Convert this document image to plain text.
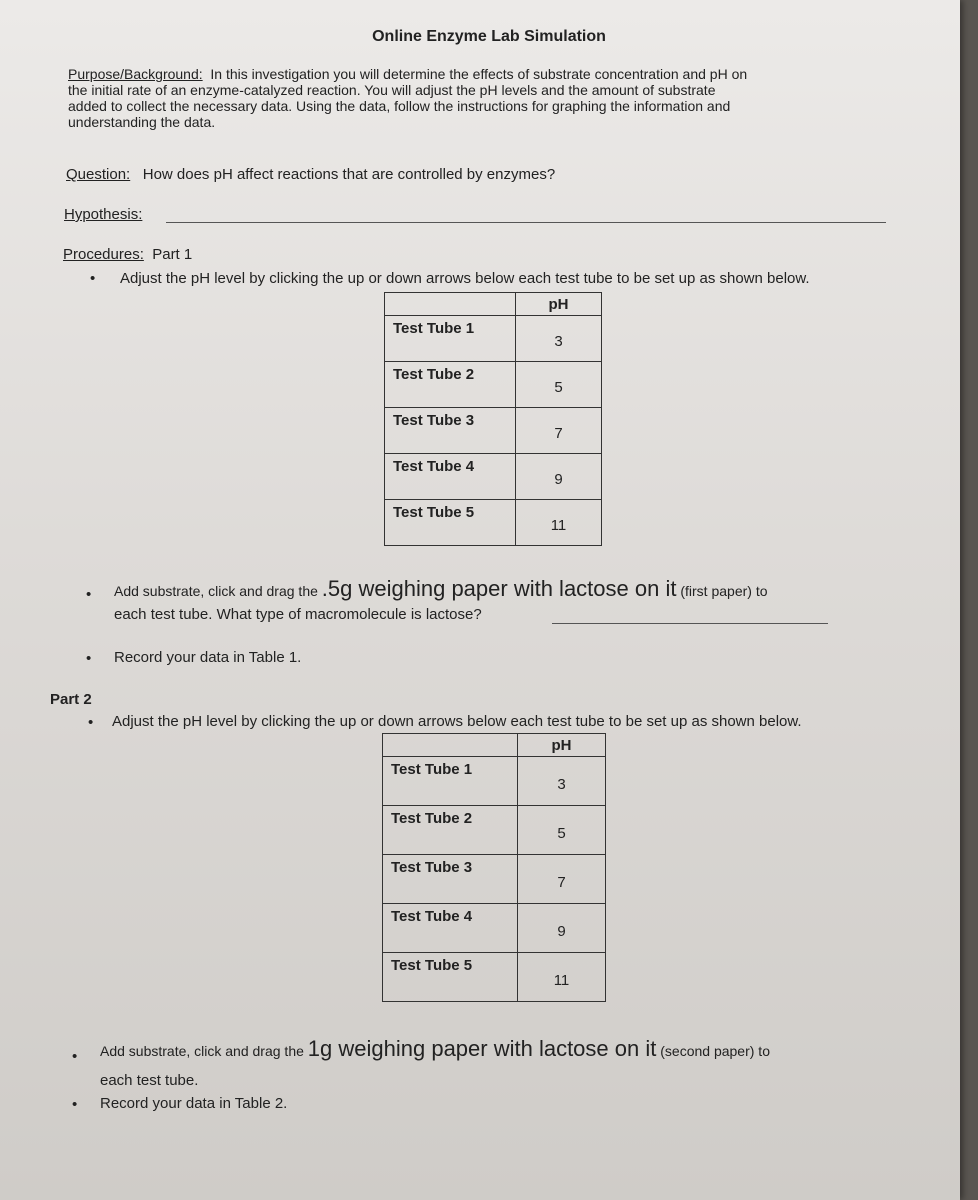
Online Enzyme Lab Simulation
Purpose/Background: In this investigation you will determine the effects of substrate concentration and pH on
the initial rate of an enzyme-catalyzed reaction. You will adjust the pH levels and the amount of substrate
added to collect the necessary data. Using the data, follow the instructions for graphing the information and
understanding the data.
Question: How does pH affect reactions that are controlled by enzymes?
Hypothesis:
Procedures: Part 1
• Adjust the pH level by clicking the up or down arrows below each test tube to be set up as shown below.
	pH
Test Tube 1	3
Test Tube 2	5
Test Tube 3	7
Test Tube 4	9
Test Tube 5	11
• Add substrate, click and drag the .5g weighing paper with lactose on it (first paper) to
each test tube. What type of macromolecule is lactose?
• Record your data in Table 1.
Part 2
• Adjust the pH level by clicking the up or down arrows below each test tube to be set up as shown below.
	pH
Test Tube 1	3
Test Tube 2	5
Test Tube 3	7
Test Tube 4	9
Test Tube 5	11
• Add substrate, click and drag the 1g weighing paper with lactose on it (second paper) to
each test tube.
• Record your data in Table 2.
